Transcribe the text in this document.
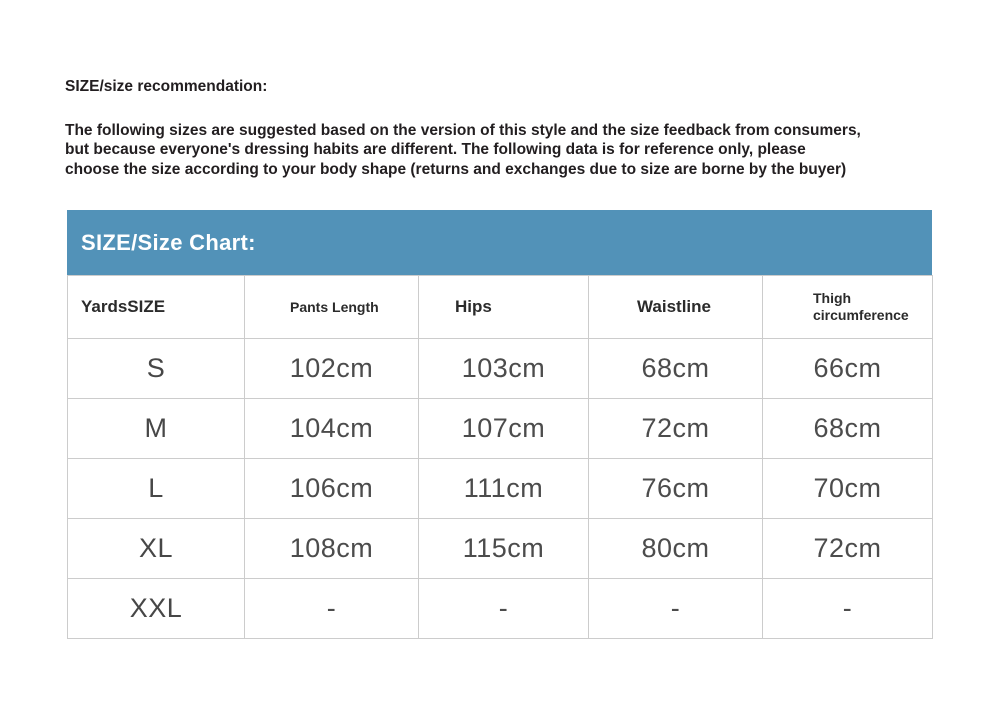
SIZE/size recommendation:
The following sizes are suggested based on the version of this style and the size feedback from consumers,
but because everyone's dressing habits are different. The following data is for reference only, please
choose the size according to your body shape (returns and exchanges due to size are borne by the buyer)
SIZE/Size Chart:
YardsSIZE	Pants Length	Hips	Waistline	Thigh circumference
S	102cm	103cm	68cm	66cm
M	104cm	107cm	72cm	68cm
L	106cm	111cm	76cm	70cm
XL	108cm	115cm	80cm	72cm
XXL	-	-	-	-
